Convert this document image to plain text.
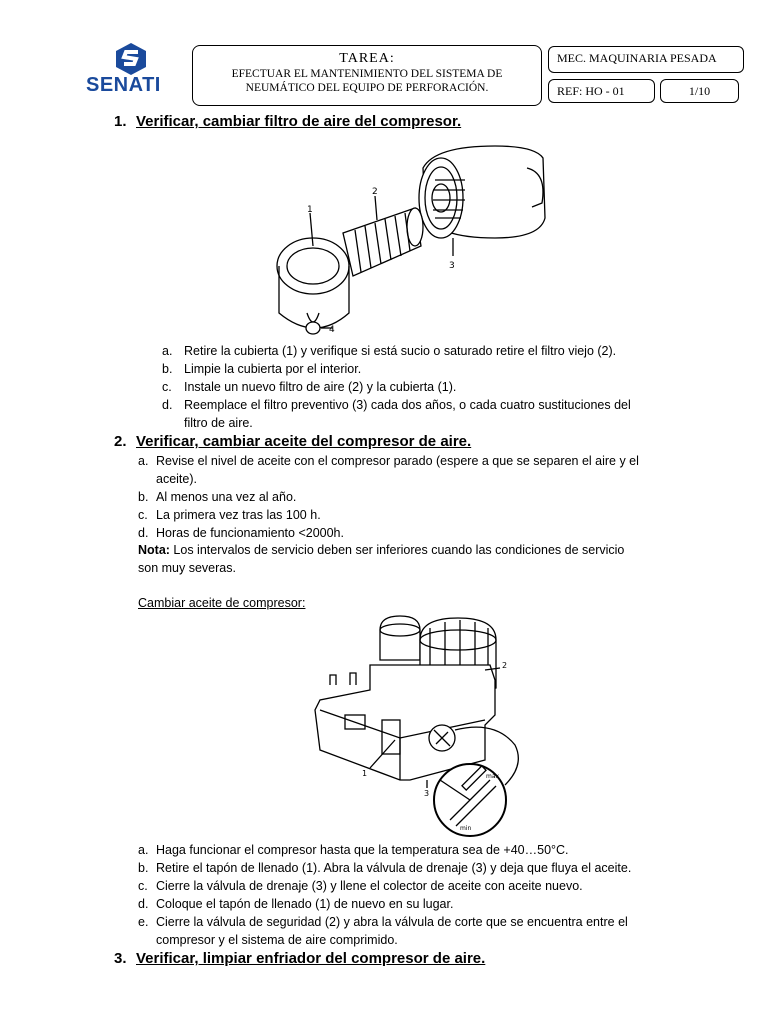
SENATI
TAREA:
EFECTUAR EL MANTENIMIENTO DEL SISTEMA DE
NEUMÁTICO DEL EQUIPO DE PERFORACIÓN.
MEC. MAQUINARIA PESADA
REF: HO - 01	1/10
1. Verificar, cambiar filtro de aire del compresor.
1
2
3
4
a. Retire la cubierta (1) y verifique si está sucio o saturado retire el filtro viejo (2).
b. Limpie la cubierta por el interior.
c. Instale un nuevo filtro de aire (2) y la cubierta (1).
d. Reemplace el filtro preventivo (3) cada dos años, o cada cuatro sustituciones del
filtro de aire.
2. Verificar, cambiar aceite del compresor de aire.
a. Revise el nivel de aceite con el compresor parado (espere a que se separen el aire y el
aceite).
b. Al menos una vez al año.
c. La primera vez tras las 100 h.
d. Horas de funcionamiento <2000h.
Nota: Los intervalos de servicio deben ser inferiores cuando las condiciones de servicio
son muy severas.
Cambiar aceite de compresor:
1
2
3
max
min
a. Haga funcionar el compresor hasta que la temperatura sea de +40…50°C.
b. Retire el tapón de llenado (1). Abra la válvula de drenaje (3) y deja que fluya el aceite.
c. Cierre la válvula de drenaje (3) y llene el colector de aceite con aceite nuevo.
d. Coloque el tapón de llenado (1) de nuevo en su lugar.
e. Cierre la válvula de seguridad (2) y abra la válvula de corte que se encuentra entre el
compresor y el sistema de aire comprimido.
3. Verificar, limpiar enfriador del compresor de aire.
